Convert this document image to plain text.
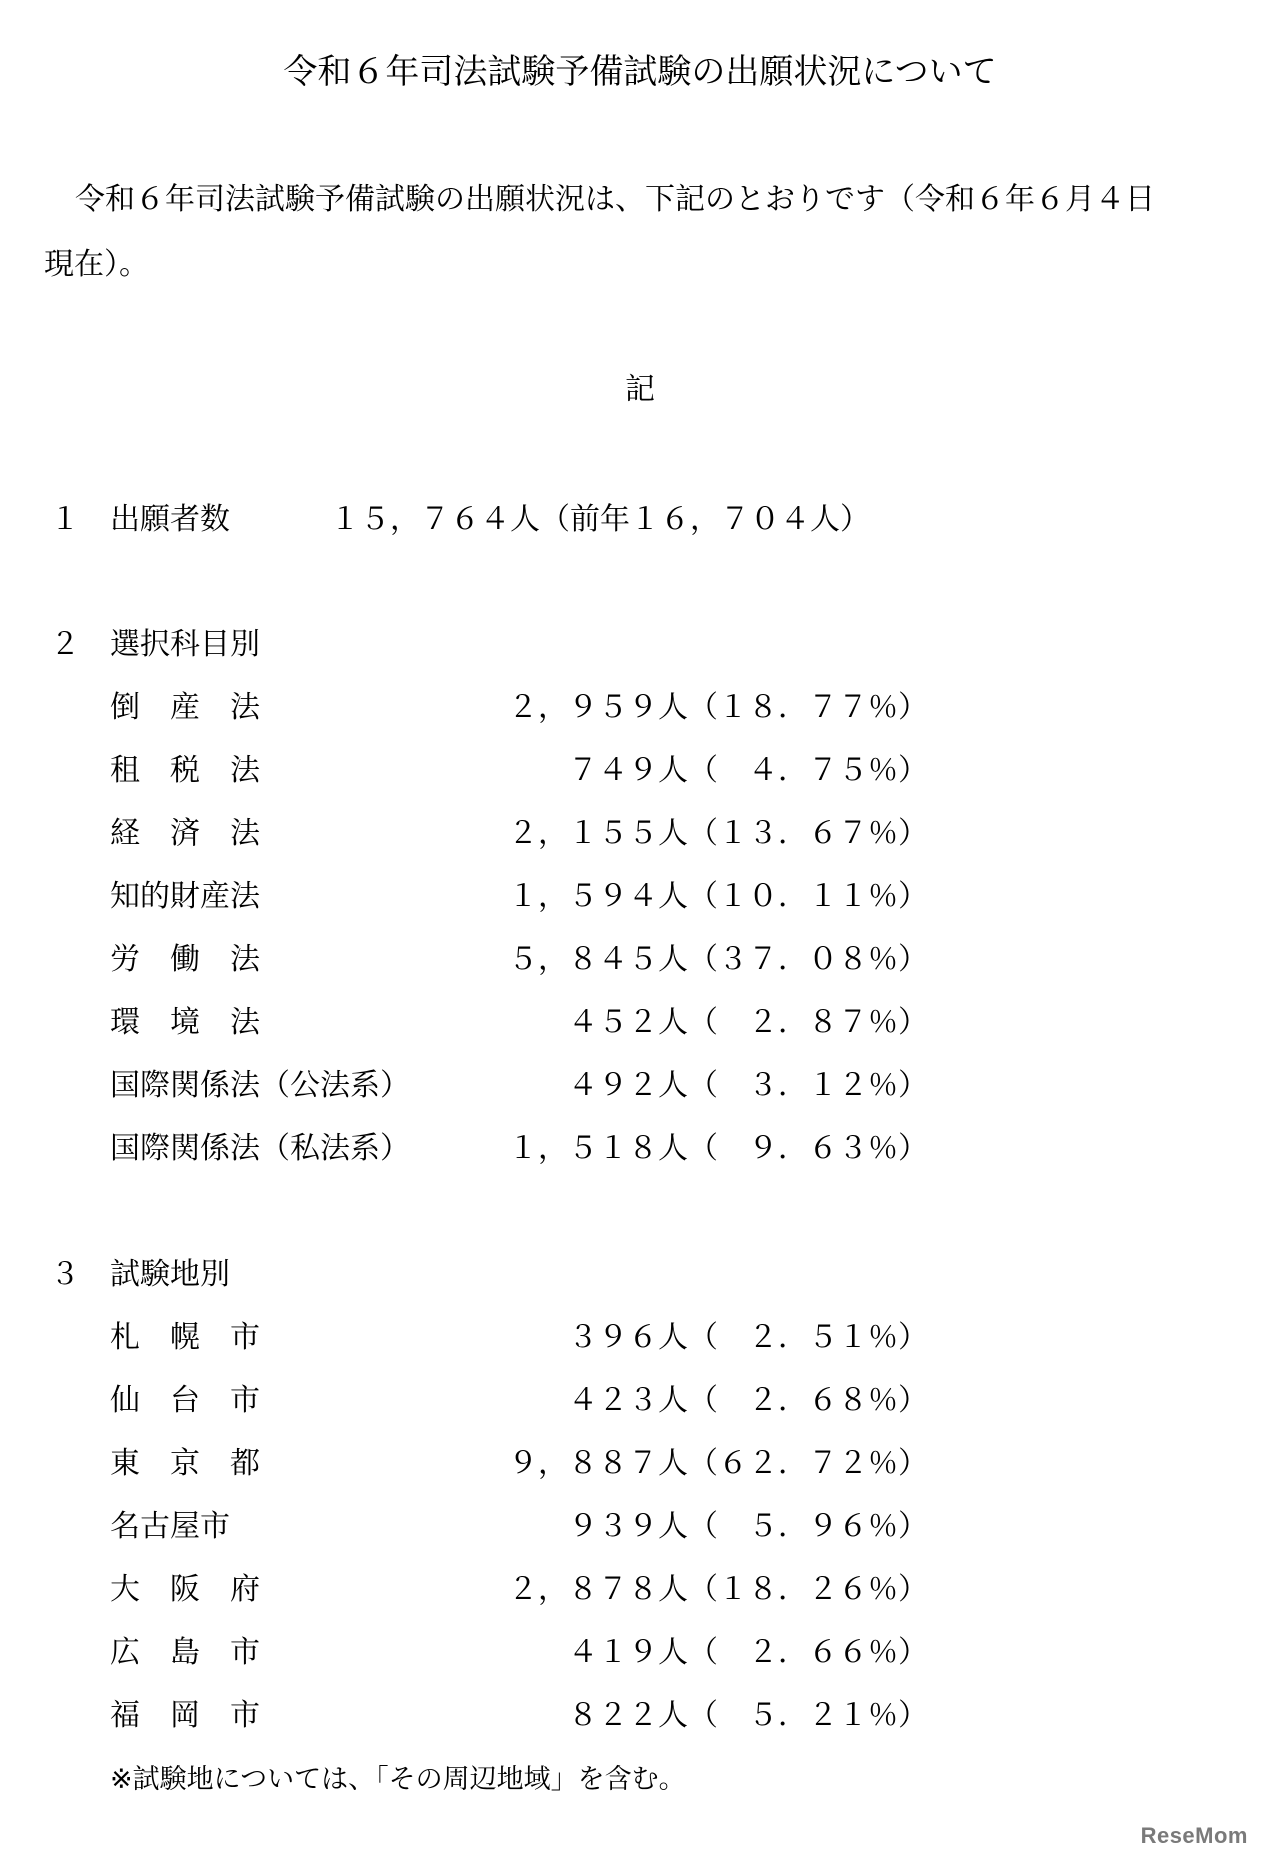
令和６年司法試験予備試験の出願状況について
令和６年司法試験予備試験の出願状況は、下記のとおりです（令和６年６月４日
現在）。
記
１ 出願者数	１５，７６４人（前年１６，７０４人）
２ 選択科目別
倒　産　法	２，９５９人（１８．７７％）
租　税　法	７４９人（　４．７５％）
経　済　法	２，１５５人（１３．６７％）
知的財産法	１，５９４人（１０．１１％）
労　働　法	５，８４５人（３７．０８％）
環　境　法	４５２人（　２．８７％）
国際関係法（公法系）	４９２人（　３．１２％）
国際関係法（私法系）	１，５１８人（　９．６３％）
３ 試験地別
札　幌　市	３９６人（　２．５１％）
仙　台　市	４２３人（　２．６８％）
東　京　都	９，８８７人（６２．７２％）
名古屋市	９３９人（　５．９６％）
大　阪　府	２，８７８人（１８．２６％）
広　島　市	４１９人（　２．６６％）
福　岡　市	８２２人（　５．２１％）
※試験地については、「その周辺地域」を含む。
ReseMom
